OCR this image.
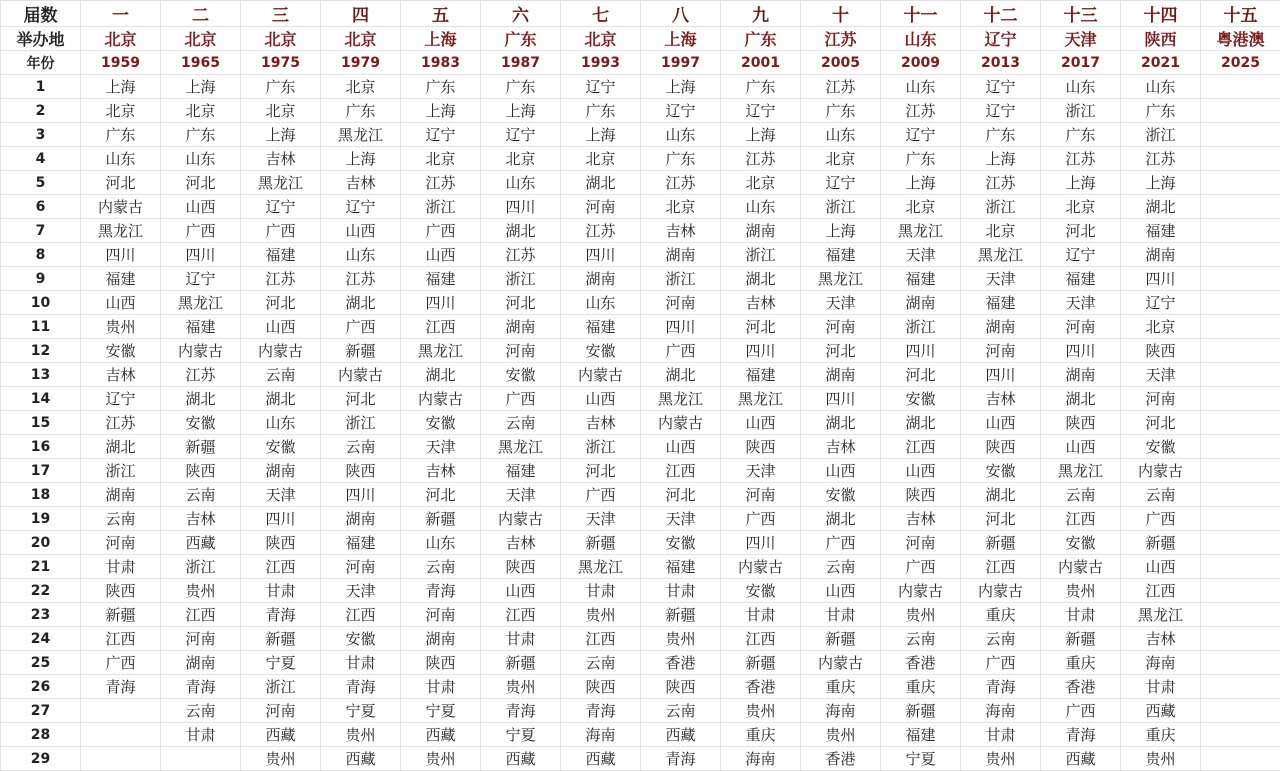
届数	一	二	三	四	五	六	七	八	九	十	十一	十二	十三	十四	十五
举办地	北京	北京	北京	北京	上海	广东	北京	上海	广东	江苏	山东	辽宁	天津	陕西	粤港澳
年份	1959	1965	1975	1979	1983	1987	1993	1997	2001	2005	2009	2013	2017	2021	2025
1	上海	上海	广东	北京	广东	广东	辽宁	上海	广东	江苏	山东	辽宁	山东	山东	
2	北京	北京	北京	广东	上海	上海	广东	辽宁	辽宁	广东	江苏	辽宁	浙江	广东	
3	广东	广东	上海	黑龙江	辽宁	辽宁	上海	山东	上海	山东	辽宁	广东	广东	浙江	
4	山东	山东	吉林	上海	北京	北京	北京	广东	江苏	北京	广东	上海	江苏	江苏	
5	河北	河北	黑龙江	吉林	江苏	山东	湖北	江苏	北京	辽宁	上海	江苏	上海	上海	
6	内蒙古	山西	辽宁	辽宁	浙江	四川	河南	北京	山东	浙江	北京	浙江	北京	湖北	
7	黑龙江	广西	广西	山西	广西	湖北	江苏	吉林	湖南	上海	黑龙江	北京	河北	福建	
8	四川	四川	福建	山东	山西	江苏	四川	湖南	浙江	福建	天津	黑龙江	辽宁	湖南	
9	福建	辽宁	江苏	江苏	福建	浙江	湖南	浙江	湖北	黑龙江	福建	天津	福建	四川	
10	山西	黑龙江	河北	湖北	四川	河北	山东	河南	吉林	天津	湖南	福建	天津	辽宁	
11	贵州	福建	山西	广西	江西	湖南	福建	四川	河北	河南	浙江	湖南	河南	北京	
12	安徽	内蒙古	内蒙古	新疆	黑龙江	河南	安徽	广西	四川	河北	四川	河南	四川	陕西	
13	吉林	江苏	云南	内蒙古	湖北	安徽	内蒙古	湖北	福建	湖南	河北	四川	湖南	天津	
14	辽宁	湖北	湖北	河北	内蒙古	广西	山西	黑龙江	黑龙江	四川	安徽	吉林	湖北	河南	
15	江苏	安徽	山东	浙江	安徽	云南	吉林	内蒙古	山西	湖北	湖北	山西	陕西	河北	
16	湖北	新疆	安徽	云南	天津	黑龙江	浙江	山西	陕西	吉林	江西	陕西	山西	安徽	
17	浙江	陕西	湖南	陕西	吉林	福建	河北	江西	天津	山西	山西	安徽	黑龙江	内蒙古	
18	湖南	云南	天津	四川	河北	天津	广西	河北	河南	安徽	陕西	湖北	云南	云南	
19	云南	吉林	四川	湖南	新疆	内蒙古	天津	天津	广西	湖北	吉林	河北	江西	广西	
20	河南	西藏	陕西	福建	山东	吉林	新疆	安徽	四川	广西	河南	新疆	安徽	新疆	
21	甘肃	浙江	江西	河南	云南	陕西	黑龙江	福建	内蒙古	云南	广西	江西	内蒙古	山西	
22	陕西	贵州	甘肃	天津	青海	山西	甘肃	甘肃	安徽	山西	内蒙古	内蒙古	贵州	江西	
23	新疆	江西	青海	江西	河南	江西	贵州	新疆	甘肃	甘肃	贵州	重庆	甘肃	黑龙江	
24	江西	河南	新疆	安徽	湖南	甘肃	江西	贵州	江西	新疆	云南	云南	新疆	吉林	
25	广西	湖南	宁夏	甘肃	陕西	新疆	云南	香港	新疆	内蒙古	香港	广西	重庆	海南	
26	青海	青海	浙江	青海	甘肃	贵州	陕西	陕西	香港	重庆	重庆	青海	香港	甘肃	
27		云南	河南	宁夏	宁夏	青海	青海	云南	贵州	海南	新疆	海南	广西	西藏	
28		甘肃	西藏	贵州	西藏	宁夏	海南	西藏	重庆	贵州	福建	甘肃	青海	重庆	
29			贵州	西藏	贵州	西藏	西藏	青海	海南	香港	宁夏	贵州	西藏	贵州	
